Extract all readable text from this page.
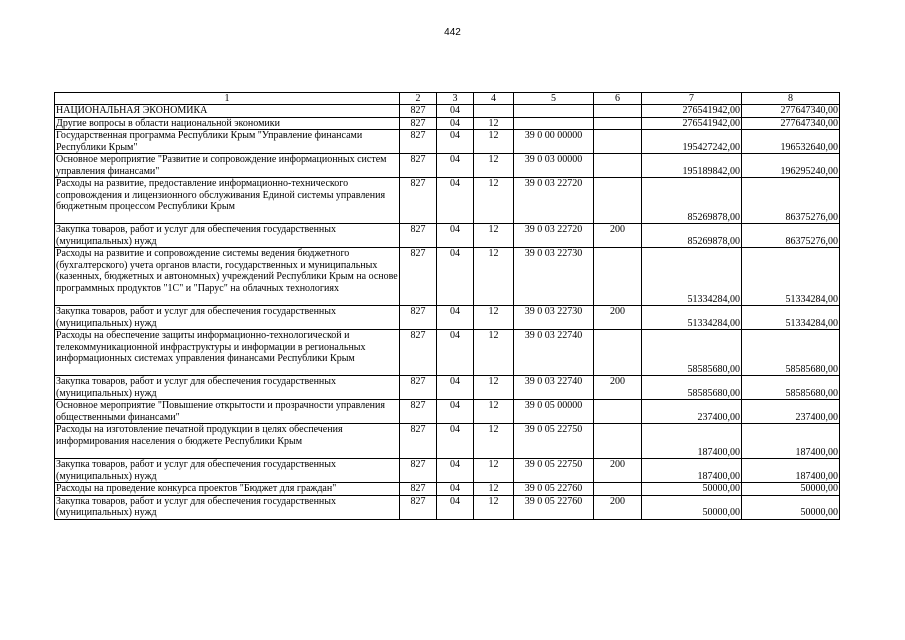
442
1	2	3	4	5	6	7	8
НАЦИОНАЛЬНАЯ ЭКОНОМИКА	827	04				276541942,00	277647340,00
Другие вопросы в области национальной экономики	827	04	12			276541942,00	277647340,00
Государственная программа Республики Крым "Управление финансами Республики Крым"	827	04	12	39 0 00 00000		195427242,00	196532640,00
Основное мероприятие "Развитие и сопровождение информационных систем управления финансами"	827	04	12	39 0 03 00000		195189842,00	196295240,00
Расходы на развитие, предоставление информационно-технического сопровождения и лицензионного обслуживания Единой системы управления бюджетным процессом Республики Крым	827	04	12	39 0 03 22720		85269878,00	86375276,00
Закупка товаров, работ и услуг для обеспечения государственных (муниципальных) нужд	827	04	12	39 0 03 22720	200	85269878,00	86375276,00
Расходы на развитие и сопровождение системы ведения бюджетного (бухгалтерского) учета органов власти, государственных и муниципальных (казенных, бюджетных и автономных) учреждений Республики Крым на основе программных продуктов "1С" и "Парус" на облачных технологиях	827	04	12	39 0 03 22730		51334284,00	51334284,00
Закупка товаров, работ и услуг для обеспечения государственных (муниципальных) нужд	827	04	12	39 0 03 22730	200	51334284,00	51334284,00
Расходы на обеспечение защиты информационно-технологической и телекоммуникационной инфраструктуры и информации в региональных информационных системах управления финансами Республики Крым	827	04	12	39 0 03 22740		58585680,00	58585680,00
Закупка товаров, работ и услуг для обеспечения государственных (муниципальных) нужд	827	04	12	39 0 03 22740	200	58585680,00	58585680,00
Основное мероприятие "Повышение открытости и прозрачности управления общественными финансами"	827	04	12	39 0 05 00000		237400,00	237400,00
Расходы на изготовление печатной продукции в целях обеспечения информирования населения о бюджете Республики Крым	827	04	12	39 0 05 22750		187400,00	187400,00
Закупка товаров, работ и услуг для обеспечения государственных (муниципальных) нужд	827	04	12	39 0 05 22750	200	187400,00	187400,00
Расходы на проведение конкурса проектов "Бюджет для граждан"	827	04	12	39 0 05 22760		50000,00	50000,00
Закупка товаров, работ и услуг для обеспечения государственных (муниципальных) нужд	827	04	12	39 0 05 22760	200	50000,00	50000,00
